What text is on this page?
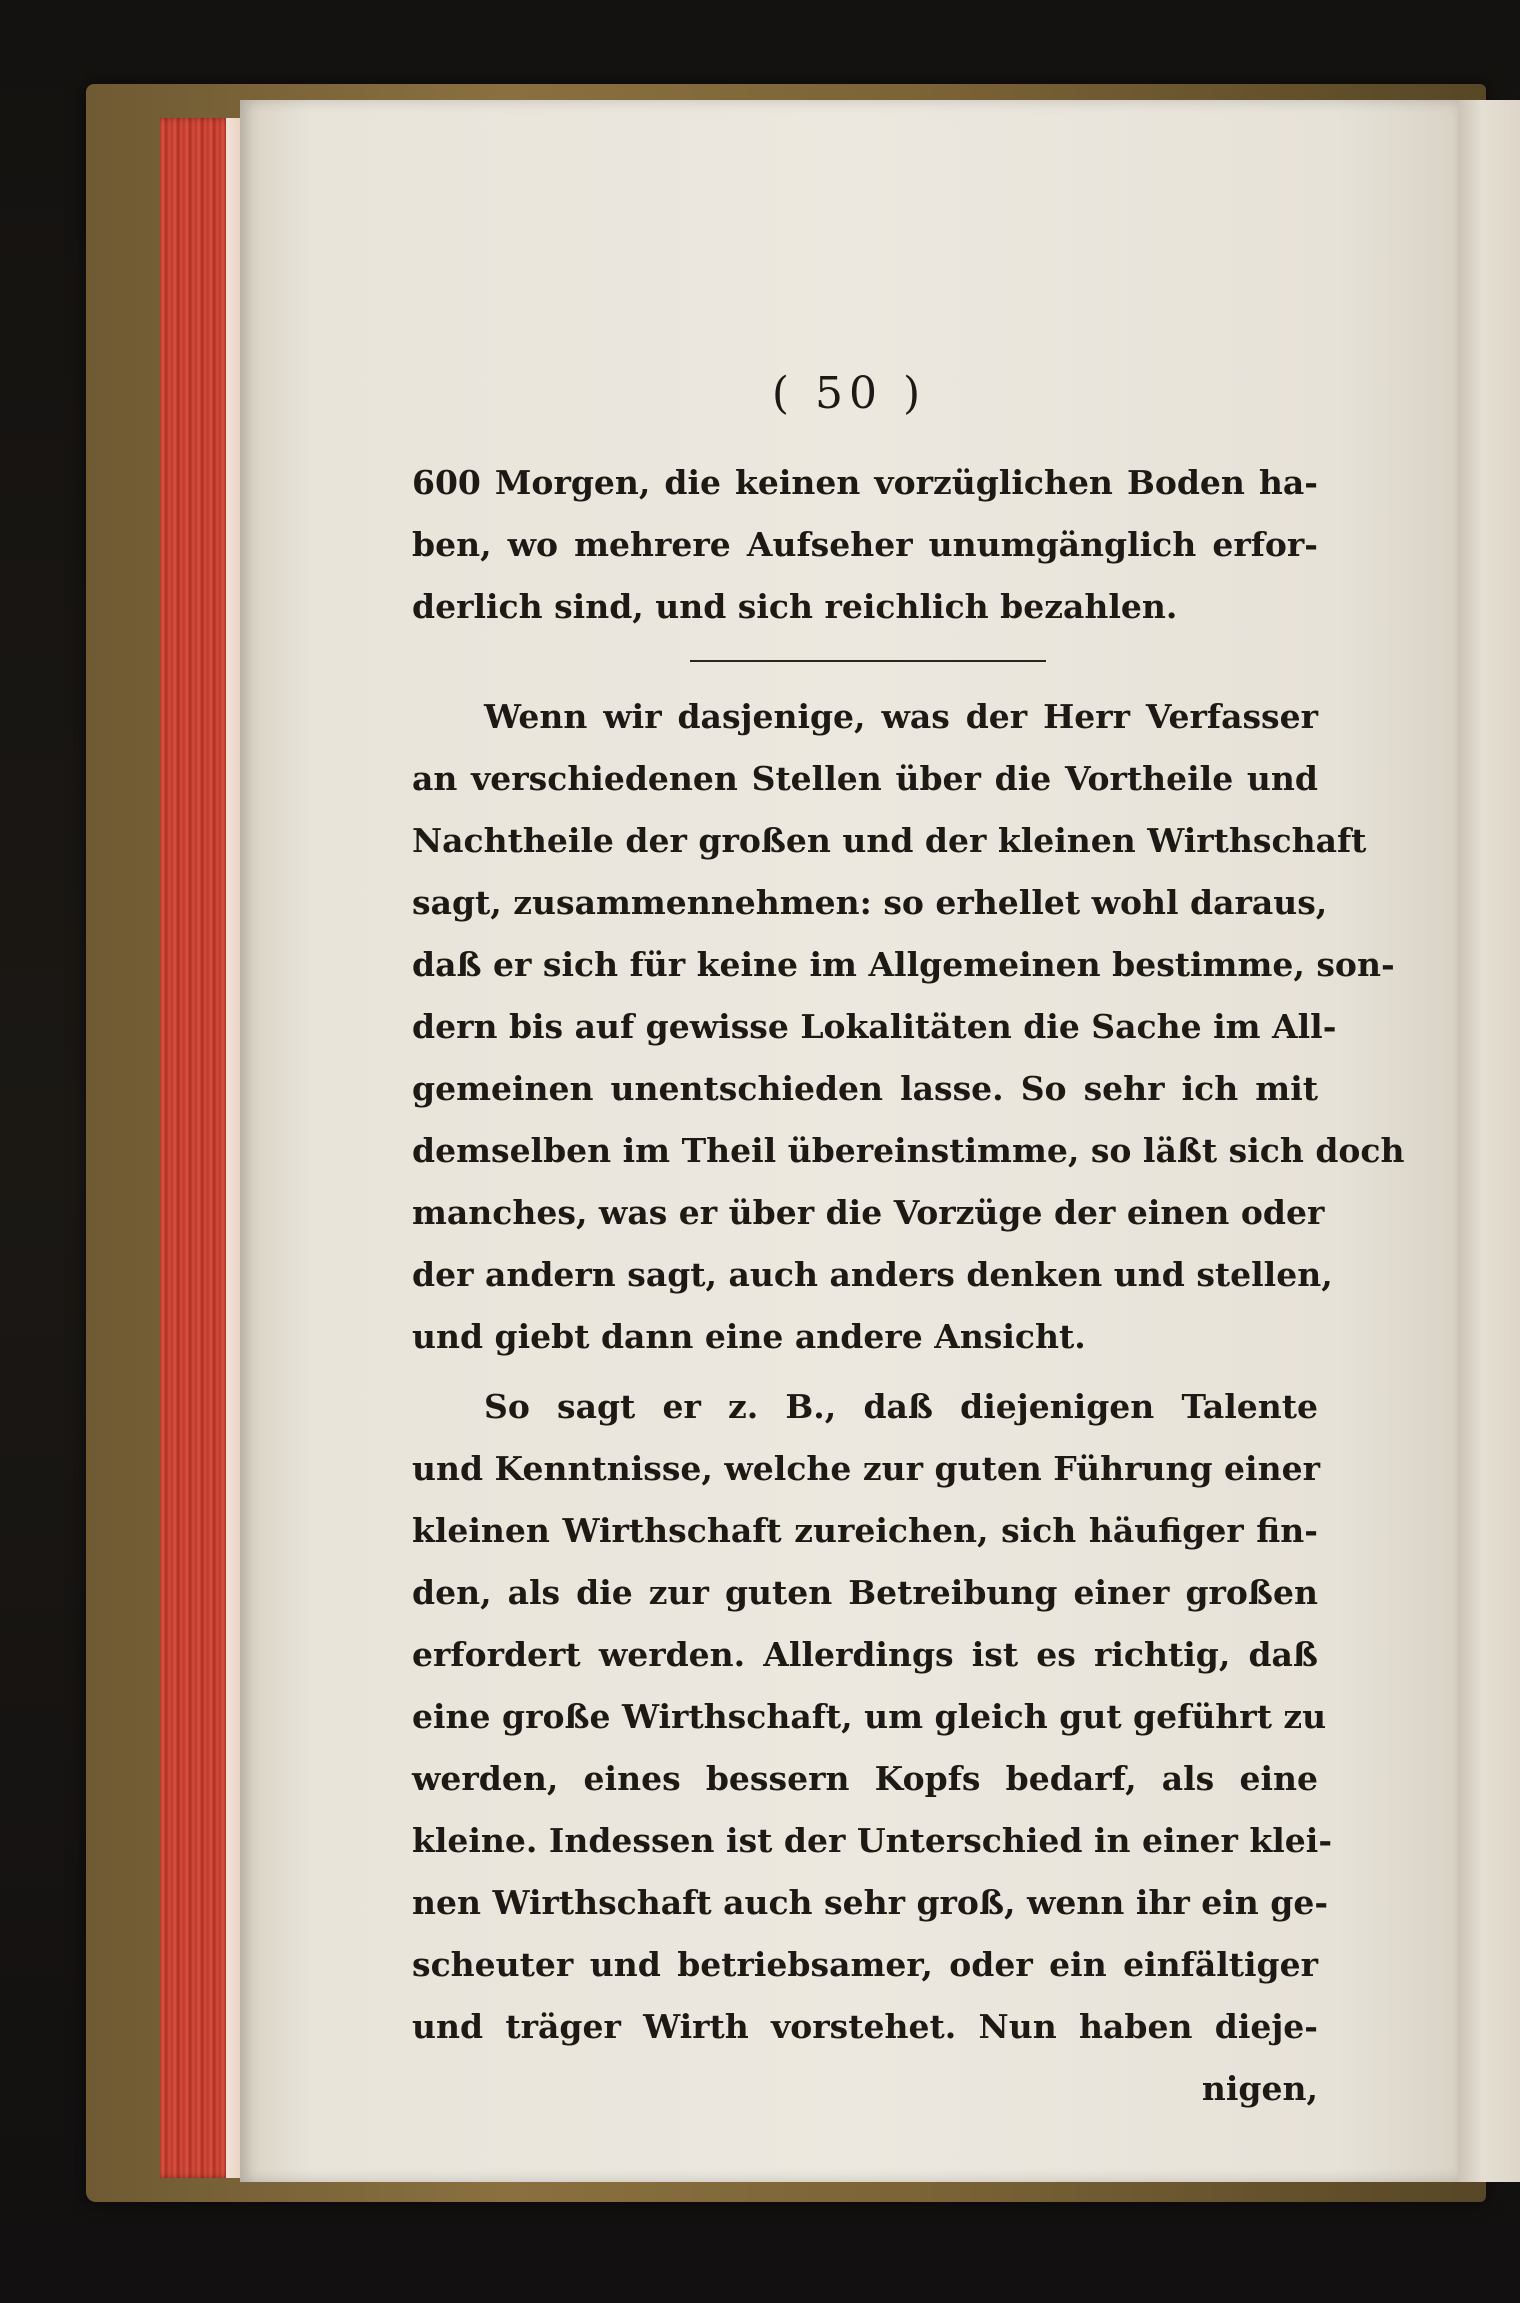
( 50 )
600 Morgen, die keinen vorzüglichen Boden ha-
ben, wo mehrere Aufseher unumgänglich erfor-
derlich sind, und sich reichlich bezahlen.
Wenn wir dasjenige, was der Herr Verfasser
an verschiedenen Stellen über die Vortheile und
Nachtheile der großen und der kleinen Wirthschaft
sagt, zusammennehmen: so erhellet wohl daraus,
daß er sich für keine im Allgemeinen bestimme, son-
dern bis auf gewisse Lokalitäten die Sache im All-
gemeinen unentschieden lasse. So sehr ich mit
demselben im Theil übereinstimme, so läßt sich doch
manches, was er über die Vorzüge der einen oder
der andern sagt, auch anders denken und stellen,
und giebt dann eine andere Ansicht.
So sagt er z. B., daß diejenigen Talente
und Kenntnisse, welche zur guten Führung einer
kleinen Wirthschaft zureichen, sich häufiger fin-
den, als die zur guten Betreibung einer großen
erfordert werden. Allerdings ist es richtig, daß
eine große Wirthschaft, um gleich gut geführt zu
werden, eines bessern Kopfs bedarf, als eine
kleine. Indessen ist der Unterschied in einer klei-
nen Wirthschaft auch sehr groß, wenn ihr ein ge-
scheuter und betriebsamer, oder ein einfältiger
und träger Wirth vorstehet. Nun haben dieje-
nigen,
